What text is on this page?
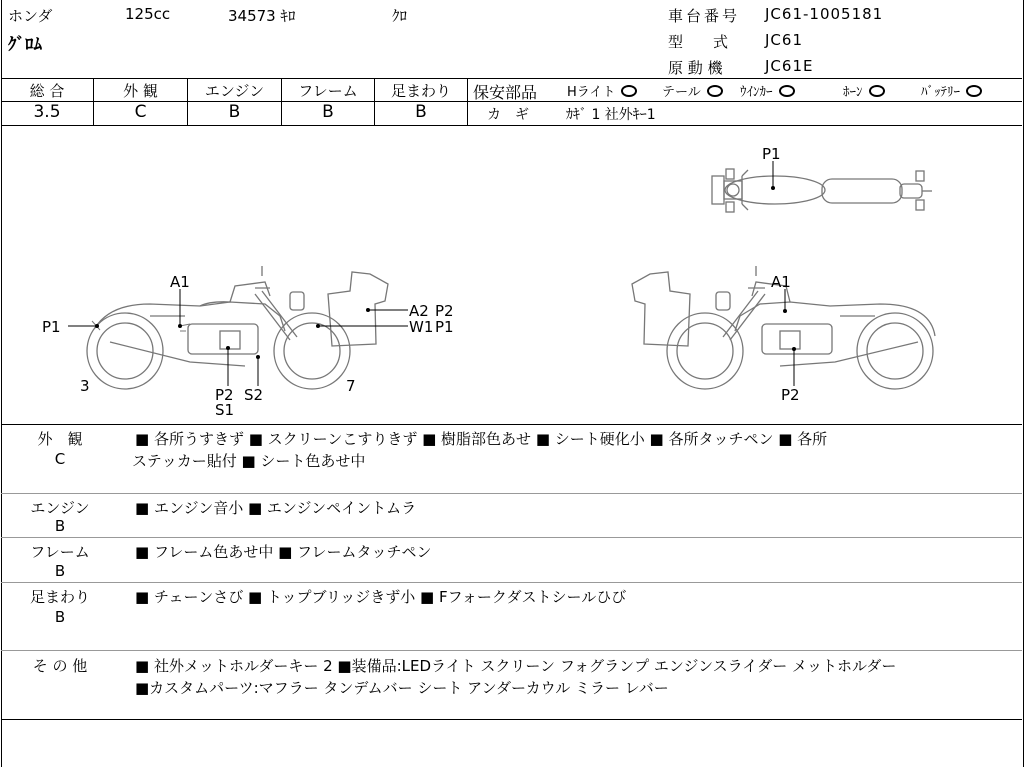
ホンダ	125cc	34573 ｷﾛ	ｸﾛ
ｸﾞﾛﾑ
車台番号 JC61-1005181
型　　式 JC61
原 動 機	JC61E
総 合	外 観	エンジン	フレーム	足まわり
3.5	C	B	B	B
保安部品 Hライト	テール	ｳｲﾝｶｰ	ﾎｰﾝ	ﾊﾞｯﾃﾘｰ
カ　ギ	ｶｷﾞ 1 社外ｷｰ1
P1
A1
P1
3	P2 S2
S1
7
A2 P2
W1 P1
A1
P2
外　観
C
■ 各所うすきず ■ スクリーンこすりきず ■ 樹脂部色あせ ■ シート硬化小 ■ 各所タッチペン ■ 各所
ステッカー貼付 ■ シート色あせ中
エンジン
B
■ エンジン音小 ■ エンジンペイントムラ
フレーム
B
■ フレーム色あせ中 ■ フレームタッチペン
足まわり
B
■ チェーンさび ■ トップブリッジきず小 ■ Fフォークダストシールひび
そ の 他	■ 社外メットホルダーキー 2 ■装備品:LEDライト スクリーン フォグランプ エンジンスライダー メットホルダー
■カスタムパーツ:マフラー タンデムバー シート アンダーカウル ミラー レバー
